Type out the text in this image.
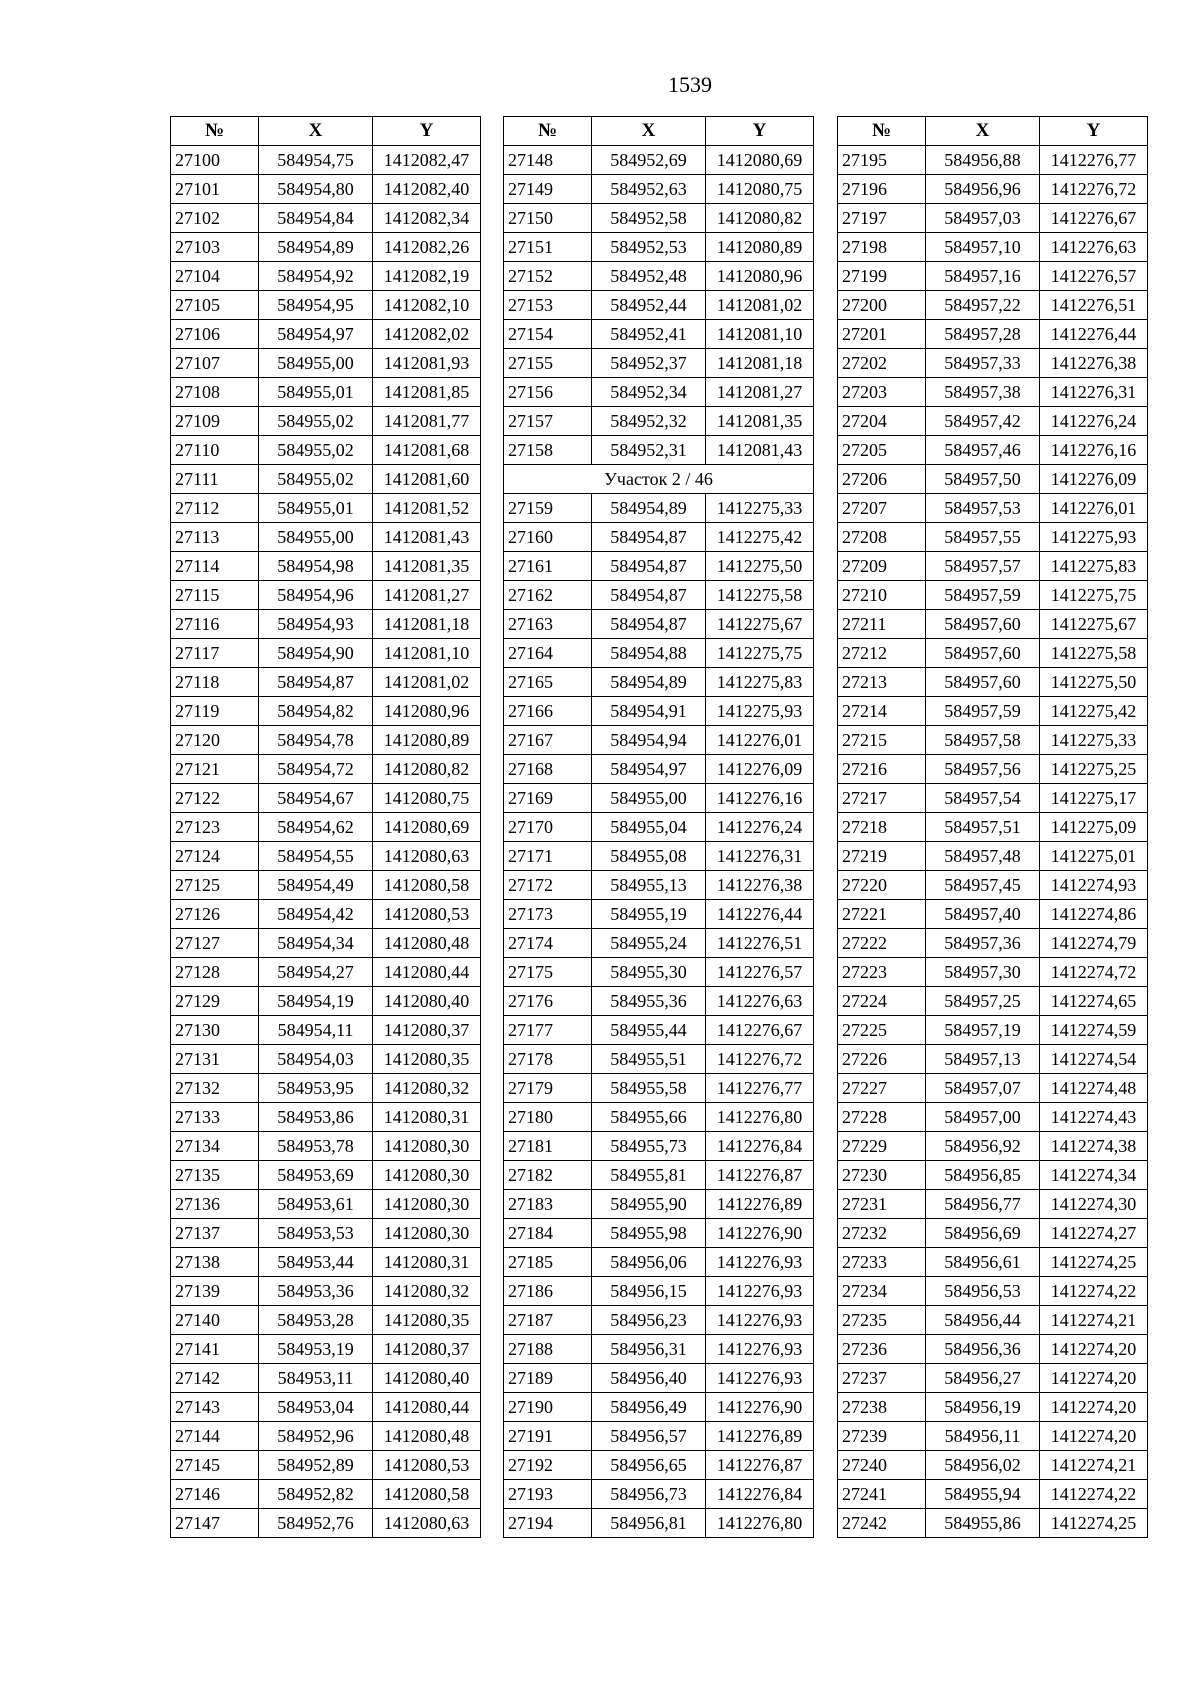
1539
№	X	Y
27100	584954,75	1412082,47
27101	584954,80	1412082,40
27102	584954,84	1412082,34
27103	584954,89	1412082,26
27104	584954,92	1412082,19
27105	584954,95	1412082,10
27106	584954,97	1412082,02
27107	584955,00	1412081,93
27108	584955,01	1412081,85
27109	584955,02	1412081,77
27110	584955,02	1412081,68
27111	584955,02	1412081,60
27112	584955,01	1412081,52
27113	584955,00	1412081,43
27114	584954,98	1412081,35
27115	584954,96	1412081,27
27116	584954,93	1412081,18
27117	584954,90	1412081,10
27118	584954,87	1412081,02
27119	584954,82	1412080,96
27120	584954,78	1412080,89
27121	584954,72	1412080,82
27122	584954,67	1412080,75
27123	584954,62	1412080,69
27124	584954,55	1412080,63
27125	584954,49	1412080,58
27126	584954,42	1412080,53
27127	584954,34	1412080,48
27128	584954,27	1412080,44
27129	584954,19	1412080,40
27130	584954,11	1412080,37
27131	584954,03	1412080,35
27132	584953,95	1412080,32
27133	584953,86	1412080,31
27134	584953,78	1412080,30
27135	584953,69	1412080,30
27136	584953,61	1412080,30
27137	584953,53	1412080,30
27138	584953,44	1412080,31
27139	584953,36	1412080,32
27140	584953,28	1412080,35
27141	584953,19	1412080,37
27142	584953,11	1412080,40
27143	584953,04	1412080,44
27144	584952,96	1412080,48
27145	584952,89	1412080,53
27146	584952,82	1412080,58
27147	584952,76	1412080,63
№	X	Y
27148	584952,69	1412080,69
27149	584952,63	1412080,75
27150	584952,58	1412080,82
27151	584952,53	1412080,89
27152	584952,48	1412080,96
27153	584952,44	1412081,02
27154	584952,41	1412081,10
27155	584952,37	1412081,18
27156	584952,34	1412081,27
27157	584952,32	1412081,35
27158	584952,31	1412081,43
Участок 2 / 46		
27159	584954,89	1412275,33
27160	584954,87	1412275,42
27161	584954,87	1412275,50
27162	584954,87	1412275,58
27163	584954,87	1412275,67
27164	584954,88	1412275,75
27165	584954,89	1412275,83
27166	584954,91	1412275,93
27167	584954,94	1412276,01
27168	584954,97	1412276,09
27169	584955,00	1412276,16
27170	584955,04	1412276,24
27171	584955,08	1412276,31
27172	584955,13	1412276,38
27173	584955,19	1412276,44
27174	584955,24	1412276,51
27175	584955,30	1412276,57
27176	584955,36	1412276,63
27177	584955,44	1412276,67
27178	584955,51	1412276,72
27179	584955,58	1412276,77
27180	584955,66	1412276,80
27181	584955,73	1412276,84
27182	584955,81	1412276,87
27183	584955,90	1412276,89
27184	584955,98	1412276,90
27185	584956,06	1412276,93
27186	584956,15	1412276,93
27187	584956,23	1412276,93
27188	584956,31	1412276,93
27189	584956,40	1412276,93
27190	584956,49	1412276,90
27191	584956,57	1412276,89
27192	584956,65	1412276,87
27193	584956,73	1412276,84
27194	584956,81	1412276,80
№	X	Y
27195	584956,88	1412276,77
27196	584956,96	1412276,72
27197	584957,03	1412276,67
27198	584957,10	1412276,63
27199	584957,16	1412276,57
27200	584957,22	1412276,51
27201	584957,28	1412276,44
27202	584957,33	1412276,38
27203	584957,38	1412276,31
27204	584957,42	1412276,24
27205	584957,46	1412276,16
27206	584957,50	1412276,09
27207	584957,53	1412276,01
27208	584957,55	1412275,93
27209	584957,57	1412275,83
27210	584957,59	1412275,75
27211	584957,60	1412275,67
27212	584957,60	1412275,58
27213	584957,60	1412275,50
27214	584957,59	1412275,42
27215	584957,58	1412275,33
27216	584957,56	1412275,25
27217	584957,54	1412275,17
27218	584957,51	1412275,09
27219	584957,48	1412275,01
27220	584957,45	1412274,93
27221	584957,40	1412274,86
27222	584957,36	1412274,79
27223	584957,30	1412274,72
27224	584957,25	1412274,65
27225	584957,19	1412274,59
27226	584957,13	1412274,54
27227	584957,07	1412274,48
27228	584957,00	1412274,43
27229	584956,92	1412274,38
27230	584956,85	1412274,34
27231	584956,77	1412274,30
27232	584956,69	1412274,27
27233	584956,61	1412274,25
27234	584956,53	1412274,22
27235	584956,44	1412274,21
27236	584956,36	1412274,20
27237	584956,27	1412274,20
27238	584956,19	1412274,20
27239	584956,11	1412274,20
27240	584956,02	1412274,21
27241	584955,94	1412274,22
27242	584955,86	1412274,25
